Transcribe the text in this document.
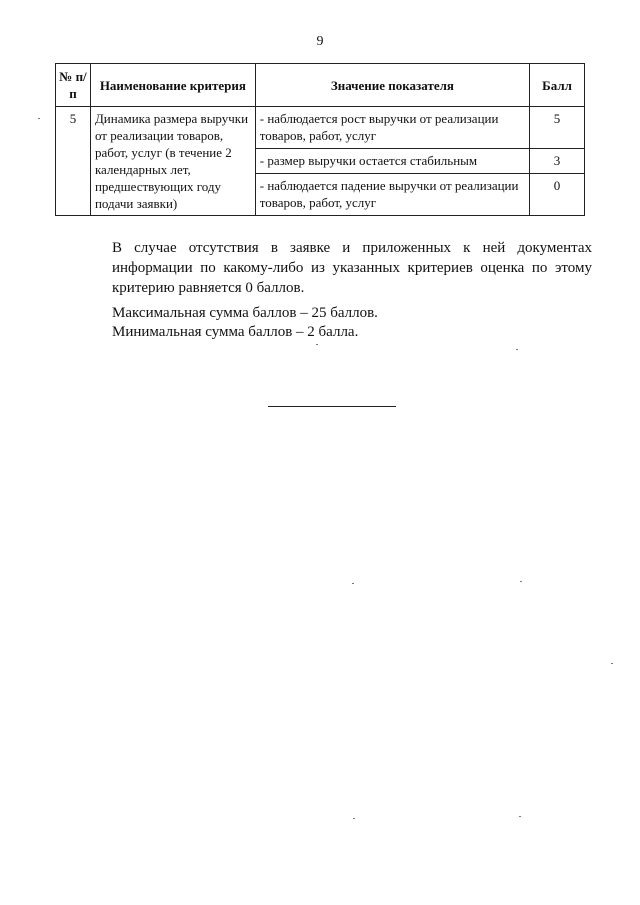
9
№ п/п	Наименование критерия	Значение показателя	Балл
5	Динамика размера выручки от реализации товаров, работ, услуг (в течение 2 календарных лет, предшествующих году подачи заявки)	- наблюдается рост выручки от реализации товаров, работ, услуг	5
		- размер выручки остается стабильным	3
		- наблюдается падение выручки от реализации товаров, работ, услуг	0
В случае отсутствия в заявке и приложенных к ней документах
информации по какому-либо из указанных критериев оценка по этому
критерию равняется 0 баллов.
Максимальная сумма баллов – 25 баллов.
Минимальная сумма баллов – 2 балла.
